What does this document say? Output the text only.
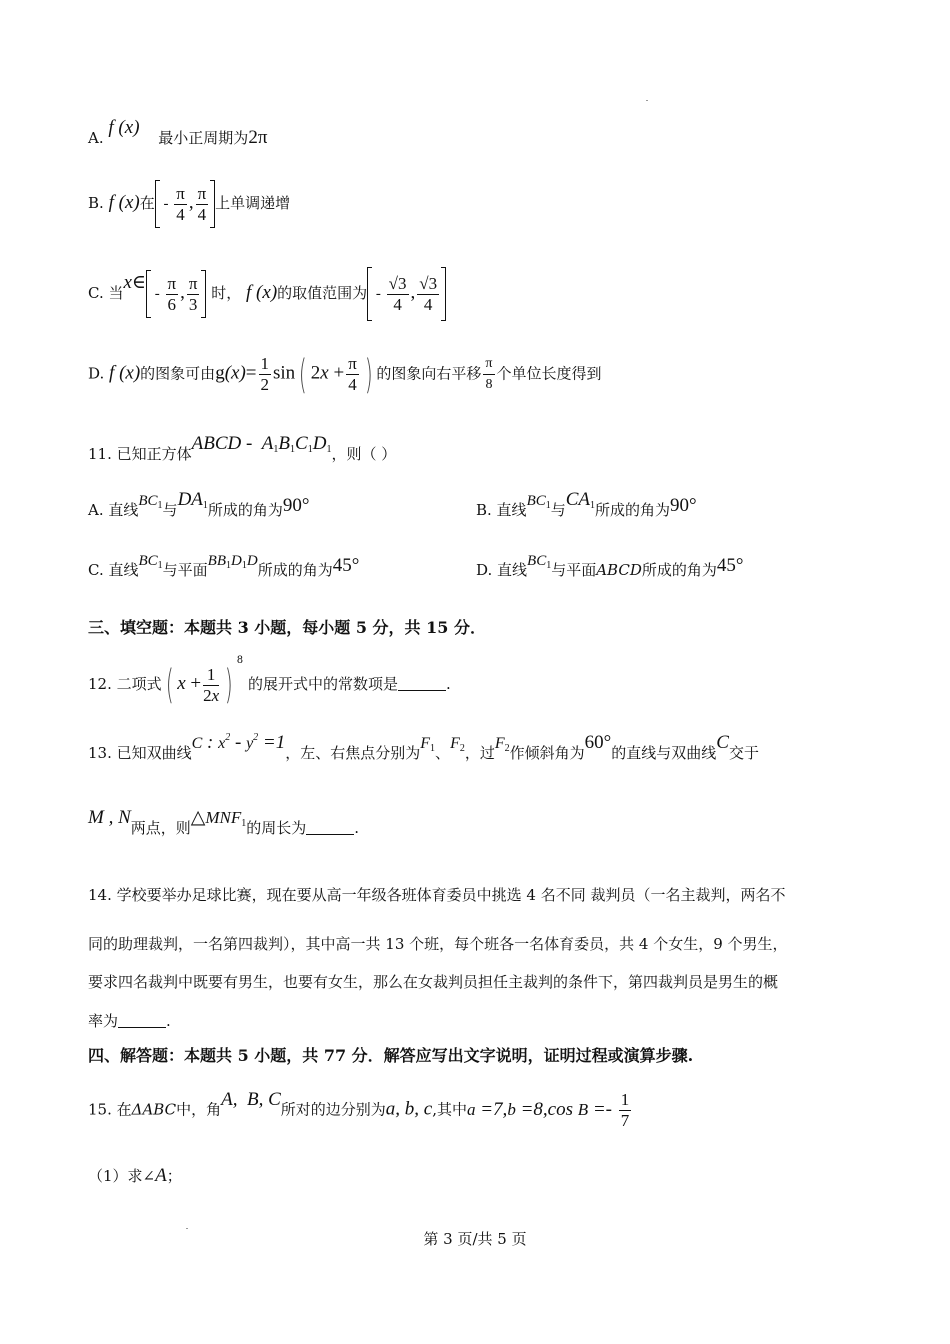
A. f (x) 最小正周期为2π
B. f (x)在 - $\frac{\pi}{4}$ , $\frac{\pi}{4}$ 上单调递增
C. 当x∈ - $\frac{\pi}{6}$ , $\frac{\pi}{3}$ 时， f (x)的取值范围为 - $\frac{√3}{4}$ , $\frac{√3}{4}$
D. f (x)的图象可由$g(x)= \frac{1}{2} \sin$( $2x + \frac{\pi}{4}$ ) 的图象向右平移 $\frac{\pi}{8}$ 个单位长度得到
11. 已知正方体ABCD -  $A_1B_1C_1D_1$，则（ ）
A. 直线$BC_1$与$DA_1$所成的角为90°	B. 直线$BC_1$与$CA_1$所成的角为90°
C. 直线$BC_1$与平面$BB_1D_1D$所成的角为45°	D. 直线$BC_1$与平面ABCD所成的角为45°
三、填空题：本题共 3 小题，每小题 5 分，共 15 分．
12. 二项式( $x + \frac{1}{2x} )^8$ 的展开式中的常数项是	.
13. 已知双曲线C : $x^2 - y^2 =1$，左、右焦点分别为$F_1$、$F_2$，过$F_2$作倾斜角为60°的直线与双曲线C交于
M , N两点，则$\triangle MNF_1$的周长为	.
14. 学校要举办足球比赛，现在要从高一年级各班体育委员中挑选 4 名不同 裁判员（一名主裁判，两名不
同的助理裁判，一名第四裁判），其中高一共 13 个班，每个班各一名体育委员，共 4 个女生，9 个男生，
要求四名裁判中既要有男生，也要有女生，那么在女裁判员担任主裁判的条件下，第四裁判员是男生的概
率为	.
四、解答题：本题共 5 小题，共 77 分．解答应写出文字说明，证明过程或演算步骤.
15. 在ΔABC中，角A,  B, C所对的边分别为a, b, c,其中a =7,b =8,cos $B =- \frac{1}{7}$
（1）求∠A；
第 3 页/共 5 页
